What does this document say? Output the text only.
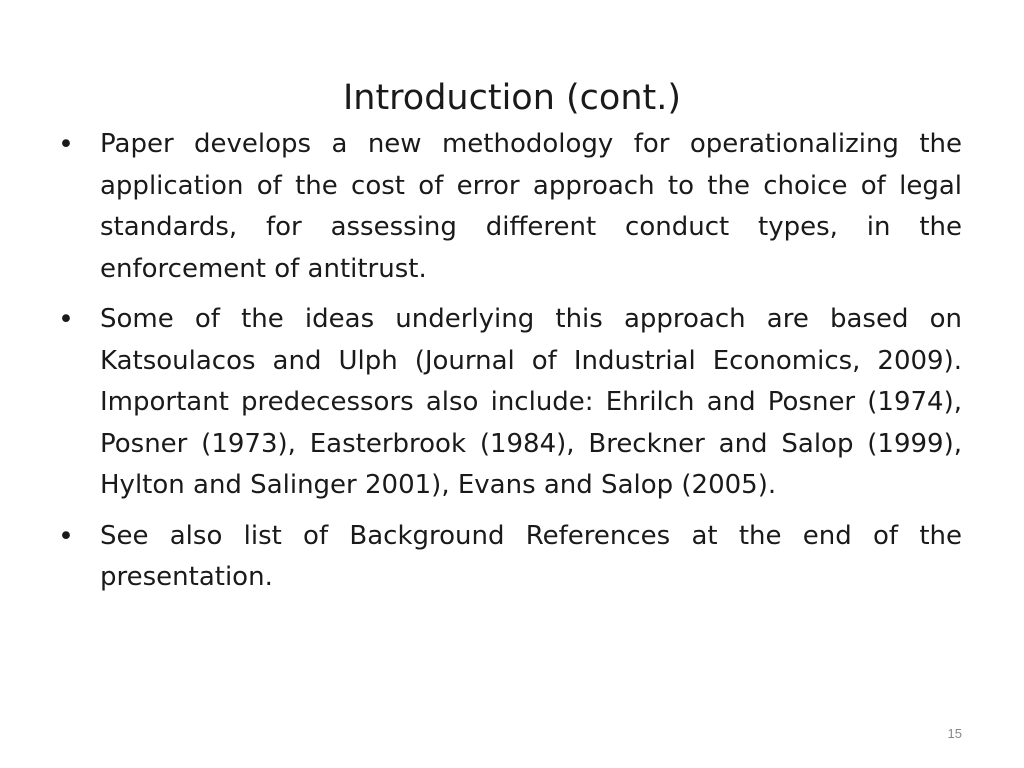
Introduction (cont.)
•	Paper develops a new methodology for operationalizing the application of the cost of error approach to the choice of legal standards, for assessing different conduct types, in the enforcement of antitrust.
•	Some of the ideas underlying this approach are based on Katsoulacos and Ulph (Journal of Industrial Economics, 2009). Important predecessors also include: Ehrilch and Posner (1974), Posner (1973), Easterbrook (1984), Breckner and Salop (1999), Hylton and Salinger 2001), Evans and Salop (2005).
•	See also list of Background References at the end of the presentation.
15
